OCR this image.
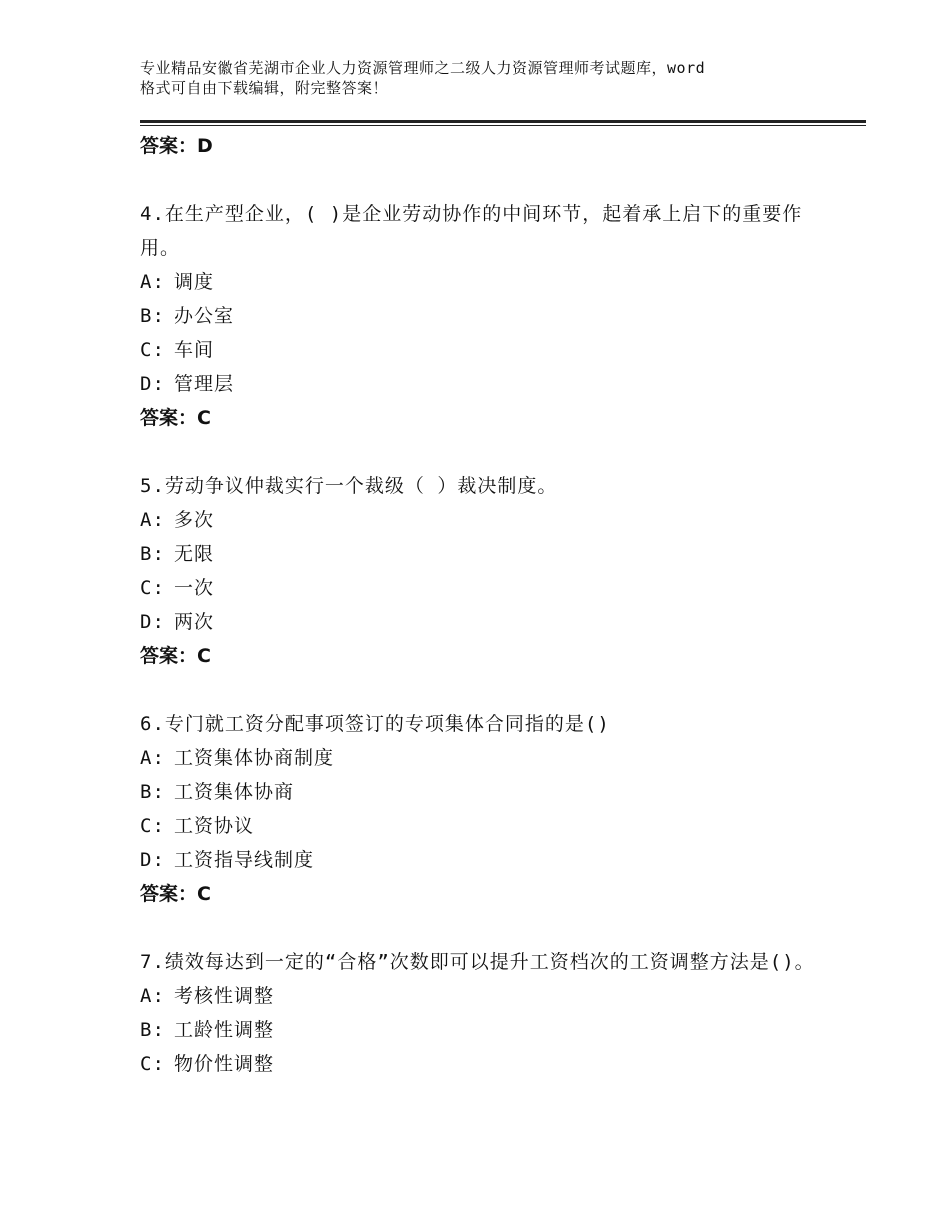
专业精品安徽省芜湖市企业人力资源管理师之二级人力资源管理师考试题库，word
格式可自由下载编辑，附完整答案！
答案：D
4.在生产型企业，( )是企业劳动协作的中间环节，起着承上启下的重要作用。
A: 调度
B: 办公室
C: 车间
D: 管理层
答案：C
5.劳动争议仲裁实行一个裁级（ ）裁决制度。
A: 多次
B: 无限
C: 一次
D: 两次
答案：C
6.专门就工资分配事项签订的专项集体合同指的是()
A: 工资集体协商制度
B: 工资集体协商
C: 工资协议
D: 工资指导线制度
答案：C
7.绩效每达到一定的“合格”次数即可以提升工资档次的工资调整方法是()。
A: 考核性调整
B: 工龄性调整
C: 物价性调整
